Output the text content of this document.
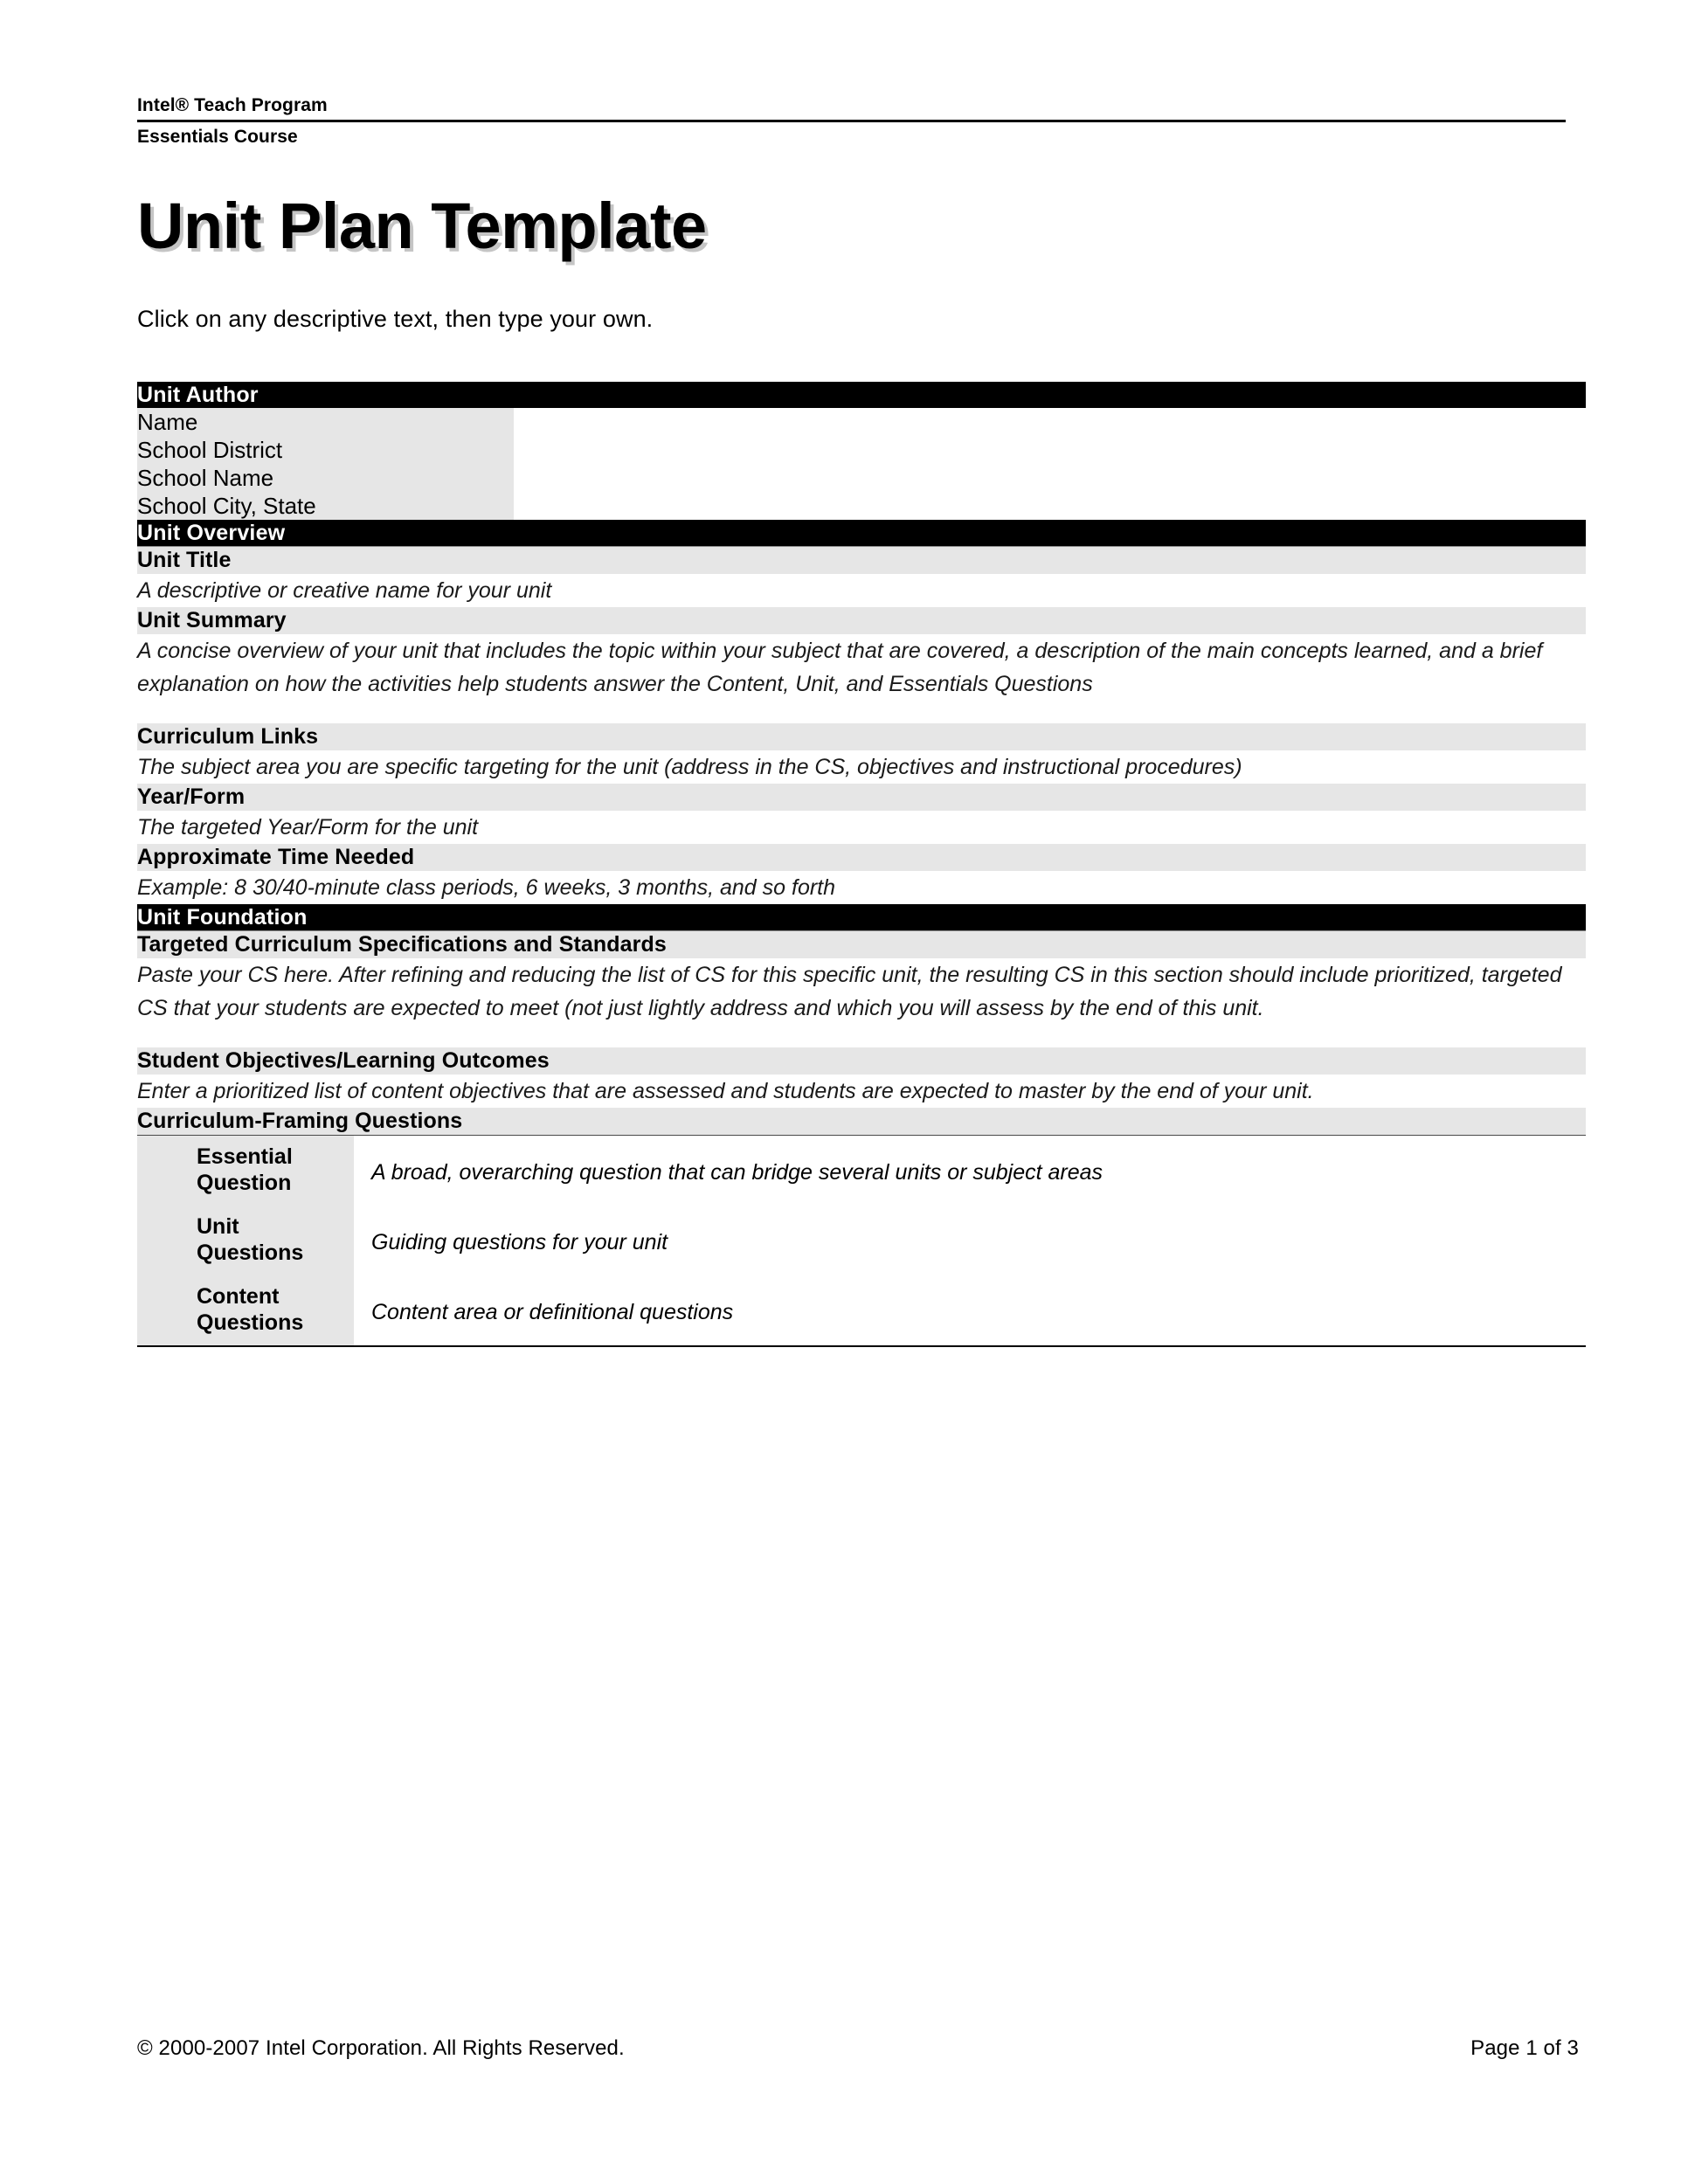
Intel® Teach Program
Essentials Course
Unit Plan Template
Click on any descriptive text, then type your own.
Unit Author
Name	
School District	
School Name	
School City, State	
Unit Overview
Unit Title
A descriptive or creative name for your unit
Unit Summary
A concise overview of your unit that includes the topic within your subject that are covered, a description of the main concepts learned, and a brief explanation on how the activities help students answer the Content, Unit, and Essentials Questions
Curriculum Links
The subject area you are specific targeting for the unit (address in the CS, objectives and instructional procedures)
Year/Form
The targeted Year/Form for the unit
Approximate Time Needed
Example: 8 30/40-minute class periods, 6 weeks, 3 months, and so forth
Unit Foundation
Targeted Curriculum Specifications and Standards
Paste your CS here. After refining and reducing the list of CS for this specific unit, the resulting CS in this section should include prioritized, targeted CS that your students are expected to meet (not just lightly address and which you will assess by the end of this unit.
Student Objectives/Learning Outcomes
Enter a prioritized list of content objectives that are assessed and students are expected to master by the end of your unit.
Curriculum-Framing Questions

Essential
Question	A broad, overarching question that can bridge several units or subject areas

Unit
Questions	Guiding questions for your unit

Content
Questions	Content area or definitional questions
© 2000-2007 Intel Corporation. All Rights Reserved.	Page 1 of 3
